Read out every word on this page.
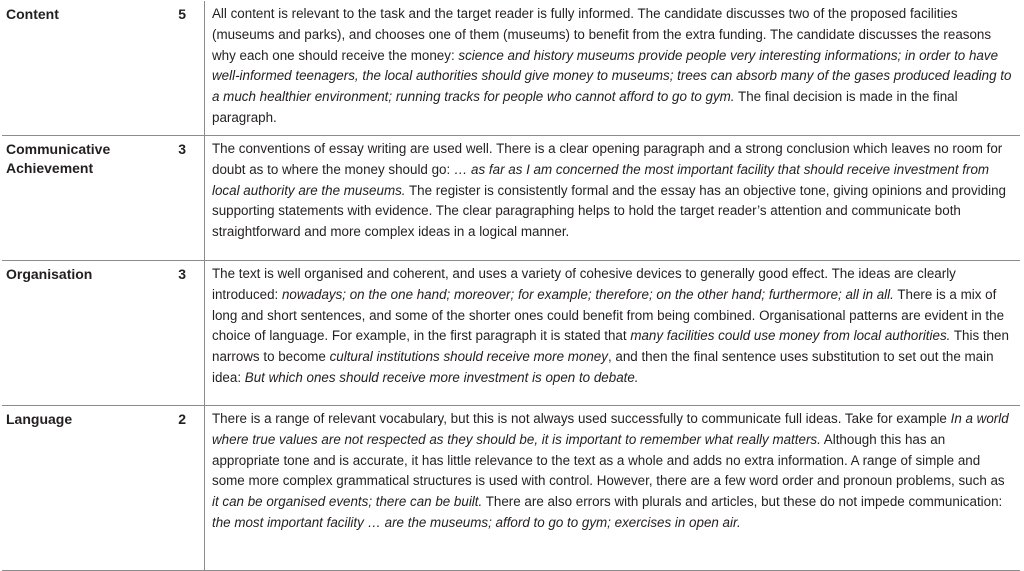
Content	5	All content is relevant to the task and the target reader is fully informed. The candidate discusses two of the proposed facilities (museums and parks), and chooses one of them (museums) to benefit from the extra funding. The candidate discusses the reasons why each one should receive the money: science and history museums provide people very interesting informations; in order to have well-informed teenagers, the local authorities should give money to museums; trees can absorb many of the gases produced leading to a much healthier environment; running tracks for people who cannot afford to go to gym. The final decision is made in the final paragraph.
Communicative Achievement	3	The conventions of essay writing are used well. There is a clear opening paragraph and a strong conclusion which leaves no room for doubt as to where the money should go: … as far as I am concerned the most important facility that should receive investment from local authority are the museums. The register is consistently formal and the essay has an objective tone, giving opinions and providing supporting statements with evidence. The clear paragraphing helps to hold the target reader’s attention and communicate both straightforward and more complex ideas in a logical manner.
Organisation	3	The text is well organised and coherent, and uses a variety of cohesive devices to generally good effect. The ideas are clearly introduced: nowadays; on the one hand; moreover; for example; therefore; on the other hand; furthermore; all in all. There is a mix of long and short sentences, and some of the shorter ones could benefit from being combined. Organisational patterns are evident in the choice of language. For example, in the first paragraph it is stated that many facilities could use money from local authorities. This then narrows to become cultural institutions should receive more money, and then the final sentence uses substitution to set out the main idea: But which ones should receive more investment is open to debate.
Language	2	There is a range of relevant vocabulary, but this is not always used successfully to communicate full ideas. Take for example In a world where true values are not respected as they should be, it is important to remember what really matters. Although this has an appropriate tone and is accurate, it has little relevance to the text as a whole and adds no extra information. A range of simple and some more complex grammatical structures is used with control. However, there are a few word order and pronoun problems, such as it can be organised events; there can be built. There are also errors with plurals and articles, but these do not impede communication: the most important facility … are the museums; afford to go to gym; exercises in open air.
